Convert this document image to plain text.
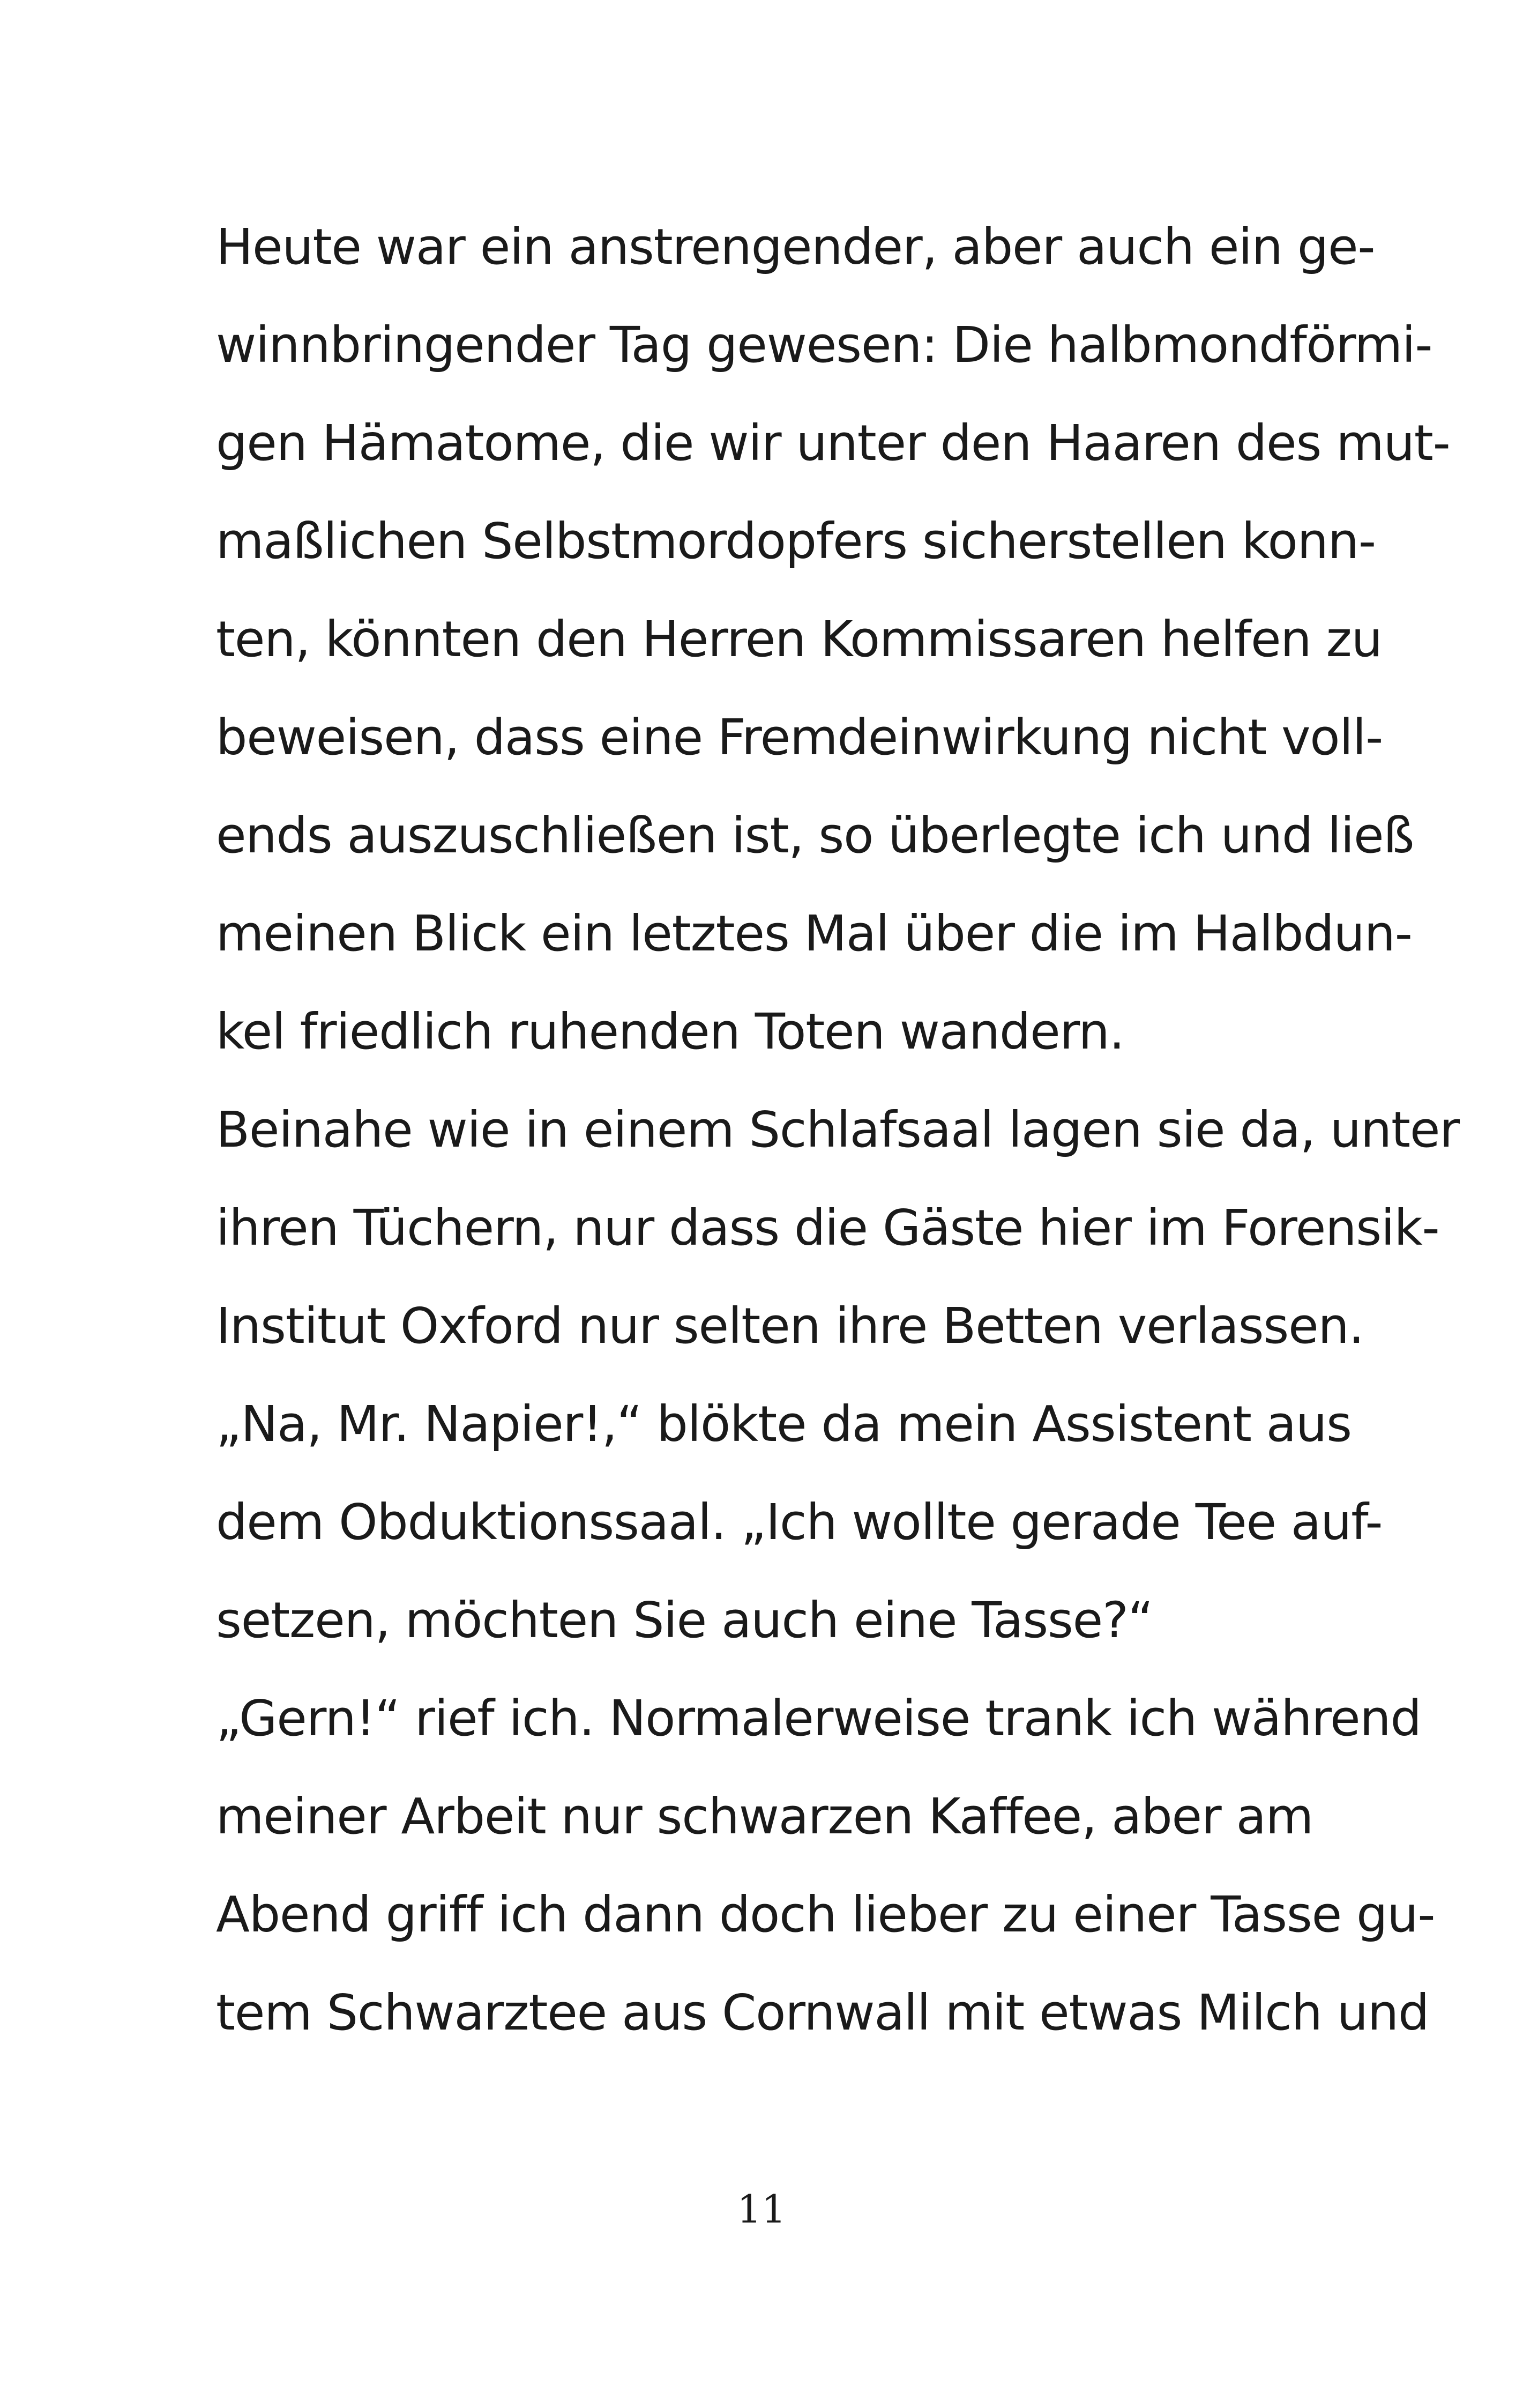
Heute war ein anstrengender, aber auch ein ge-
winnbringender Tag gewesen: Die halbmondförmi-
gen Hämatome, die wir unter den Haaren des mut-
maßlichen Selbstmordopfers sicherstellen konn-
ten, könnten den Herren Kommissaren helfen zu
beweisen, dass eine Fremdeinwirkung nicht voll-
ends auszuschließen ist, so überlegte ich und ließ
meinen Blick ein letztes Mal über die im Halbdun-
kel friedlich ruhenden Toten wandern.
Beinahe wie in einem Schlafsaal lagen sie da, unter
ihren Tüchern, nur dass die Gäste hier im Forensik-
Institut Oxford nur selten ihre Betten verlassen.
„Na, Mr. Napier!,“ blökte da mein Assistent aus
dem Obduktionssaal. „Ich wollte gerade Tee auf-
setzen, möchten Sie auch eine Tasse?“
„Gern!“ rief ich. Normalerweise trank ich während
meiner Arbeit nur schwarzen Kaffee, aber am
Abend griff ich dann doch lieber zu einer Tasse gu-
tem Schwarztee aus Cornwall mit etwas Milch und
11
